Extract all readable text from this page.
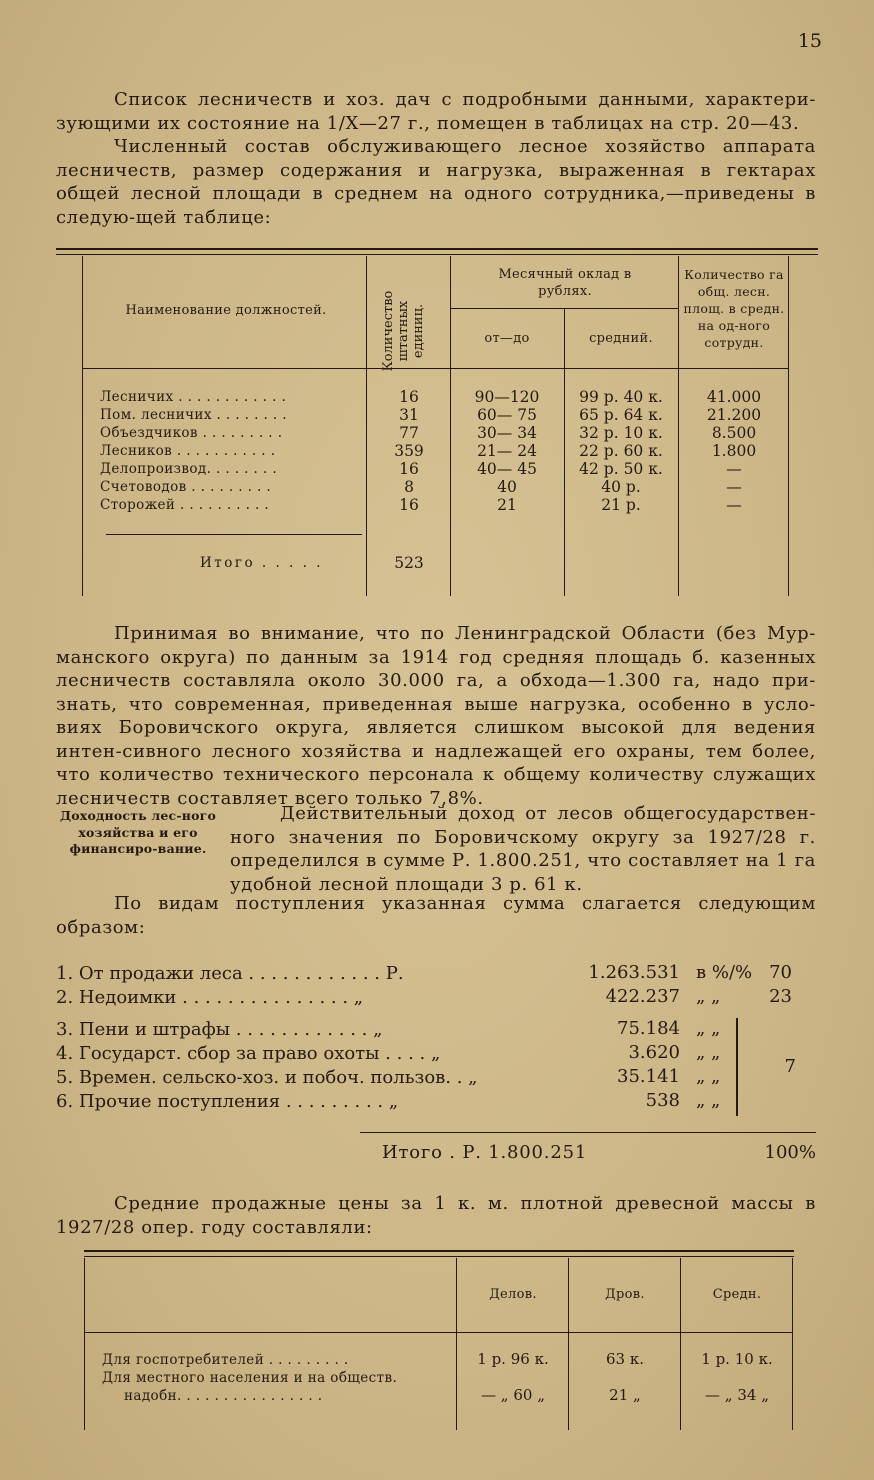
15

Список лесничеств и хоз. дач с подробными данными, характери-зующими их состояние на 1/X—27 г., помещен в таблицах на стр. 20—43.

Численный состав обслуживающего лесное хозяйство аппарата лесничеств, размер содержания и нагрузка, выраженная в гектарах общей лесной площади в среднем на одного сотрудника,—приведены в следую-щей таблице:

Наименование должностей.	Количество штатных единиц.
Месячный оклад в рублях.
от—до	средний.
Количество га общ. лесн. площ. в средн. на од-ного сотрудн.
Лесничих . . . . . . . . . . . .	16	90—120	99 р. 40 к.	41.000
Пом. лесничих . . . . . . . .	31	60— 75	65 р. 64 к.	21.200
Объездчиков . . . . . . . . .	77	30— 34	32 р. 10 к.	8.500
Лесников . . . . . . . . . . .	359	21— 24	22 р. 60 к.	1.800
Делопроизвод. . . . . . . .	16	40— 45	42 р. 50 к.	—
Счетоводов . . . . . . . . .	8	40	40 р.	—
Сторожей . . . . . . . . . .	16	21	21 р.	—
Итого . . . . .	523

Принимая во внимание, что по Ленинградской Области (без Мур-манского округа) по данным за 1914 год средняя площадь б. казенных лесничеств составляла около 30.000 га, а обхода—1.300 га, надо при-знать, что современная, приведенная выше нагрузка, особенно в усло-виях Боровичского округа, является слишком высокой для ведения интен-сивного лесного хозяйства и надлежащей его охраны, тем более, что количество технического персонала к общему количеству служащих лесничеств составляет всего только 7,8%.

Доходность лес-ного хозяйства и его финансиро-вание.

Действительный доход от лесов общегосударствен-ного значения по Боровичскому округу за 1927/28 г. определился в сумме Р. 1.800.251, что составляет на 1 га удобной лесной площади 3 р. 61 к.

По видам поступления указанная сумма слагается следующим образом:

1. От продажи леса . . . . . . . . . . . . Р.	1.263.531 в %/% 70
2. Недоимки . . . . . . . . . . . . . . . „	422.237 „ „	23
3. Пени и штрафы . . . . . . . . . . . . „	75.184 „ „
4. Государст. сбор за право охоты . . . . „	3.620 „ „
5. Времен. сельско-хоз. и побоч. пользов. . „	35.141 „ „
6. Прочие поступления . . . . . . . . . „	538 „ „
7
Итого . Р. 1.800.251	100%

Средние продажные цены за 1 к. м. плотной древесной массы в 1927/28 опер. году составляли:

Делов.	Дров.	Средн.
Для госпотребителей . . . . . . . . .	1 р. 96 к.	63 к.	1 р. 10 к.
Для местного населения и на обществ.
надобн. . . . . . . . . . . . . . . .	— „ 60 „	21 „	— „ 34 „
